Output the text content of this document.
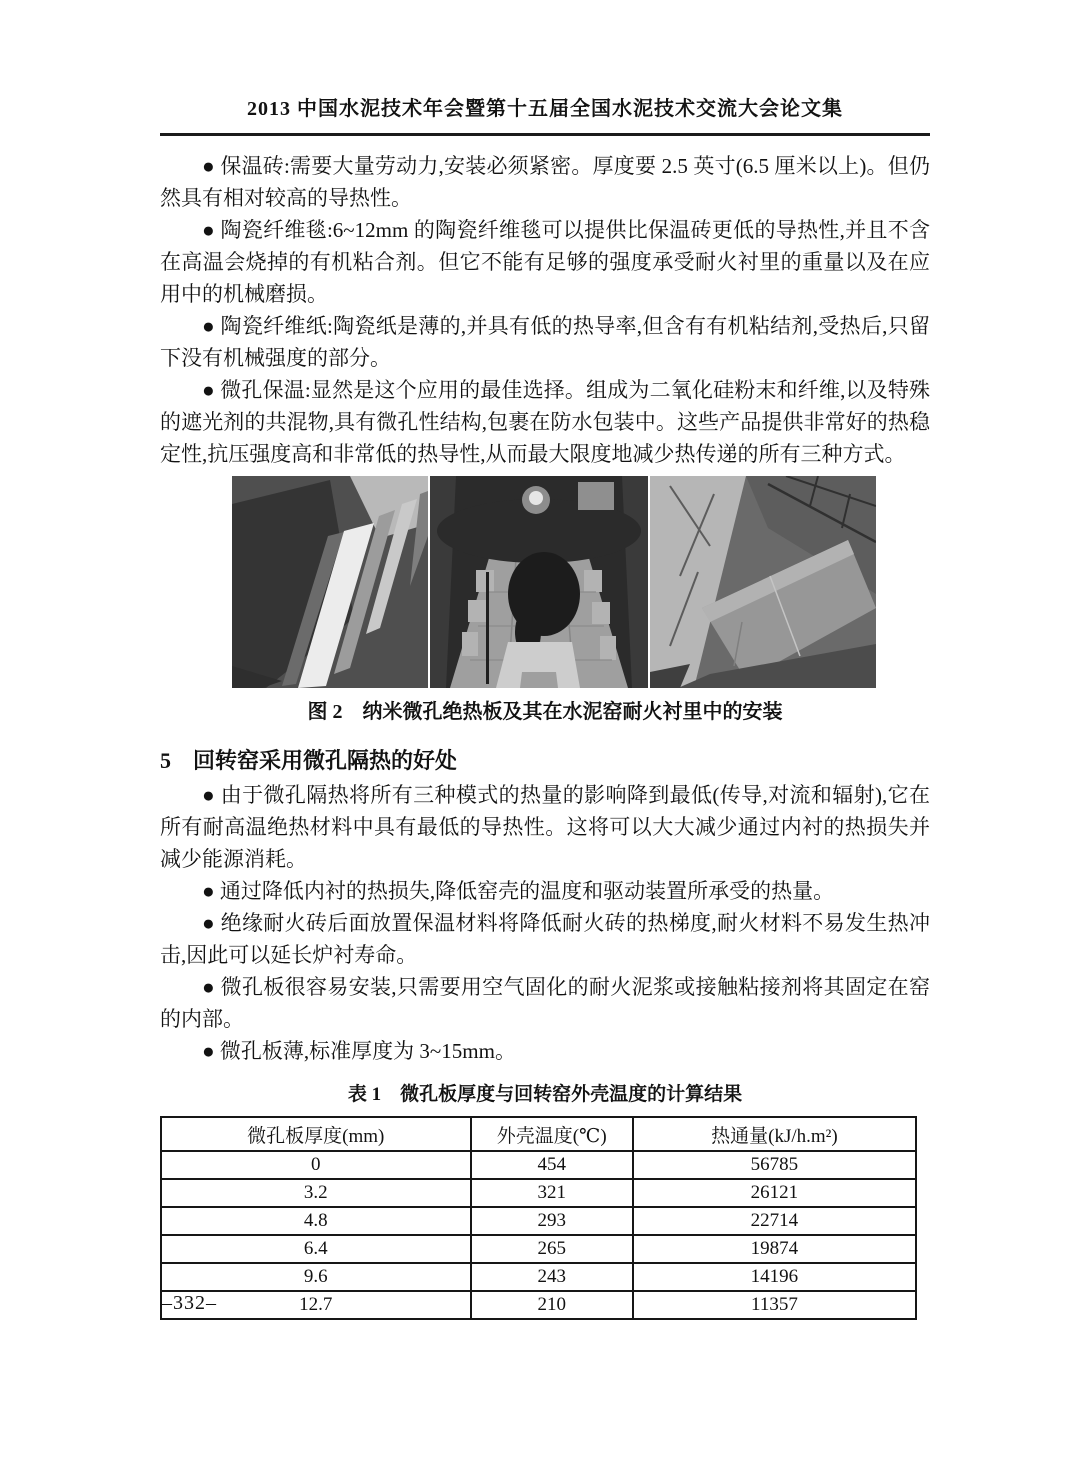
2013 中国水泥技术年会暨第十五届全国水泥技术交流大会论文集

● 保温砖:需要大量劳动力,安装必须紧密。厚度要 2.5 英寸(6.5 厘米以上)。但仍然具有相对较高的导热性。

● 陶瓷纤维毯:6~12mm 的陶瓷纤维毯可以提供比保温砖更低的导热性,并且不含在高温会烧掉的有机粘合剂。但它不能有足够的强度承受耐火衬里的重量以及在应用中的机械磨损。

● 陶瓷纤维纸:陶瓷纸是薄的,并具有低的热导率,但含有有机粘结剂,受热后,只留下没有机械强度的部分。

● 微孔保温:显然是这个应用的最佳选择。组成为二氧化硅粉末和纤维,以及特殊的遮光剂的共混物,具有微孔性结构,包裹在防水包装中。这些产品提供非常好的热稳定性,抗压强度高和非常低的热导性,从而最大限度地减少热传递的所有三种方式。

图 2　纳米微孔绝热板及其在水泥窑耐火衬里中的安装
5　回转窑采用微孔隔热的好处

● 由于微孔隔热将所有三种模式的热量的影响降到最低(传导,对流和辐射),它在所有耐高温绝热材料中具有最低的导热性。这将可以大大减少通过内衬的热损失并减少能源消耗。

● 通过降低内衬的热损失,降低窑壳的温度和驱动装置所承受的热量。

● 绝缘耐火砖后面放置保温材料将降低耐火砖的热梯度,耐火材料不易发生热冲击,因此可以延长炉衬寿命。

● 微孔板很容易安装,只需要用空气固化的耐火泥浆或接触粘接剂将其固定在窑的内部。

● 微孔板薄,标准厚度为 3~15mm。

表 1　微孔板厚度与回转窑外壳温度的计算结果
微孔板厚度(mm)	外壳温度(℃)	热通量(kJ/h.m²)
0	454	56785
3.2	321	26121
4.8	293	22714
6.4	265	19874
9.6	243	14196
12.7	210	11357
–332–
